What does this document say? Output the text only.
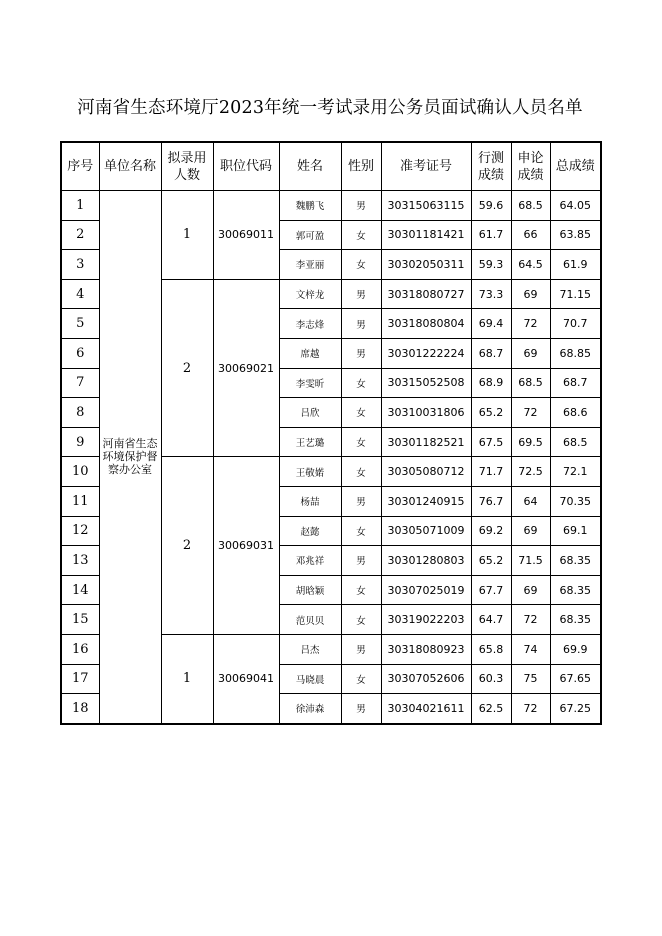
河南省生态环境厅2023年统一考试录用公务员面试确认人员名单
序号	单位名称	拟录用人数	职位代码	姓名	性别	准考证号	行测成绩	申论成绩	总成绩
1	河南省生态环境保护督察办公室	1	30069011	魏鹏飞	男	30315063115	59.6	68.5	64.05
2				郭可盈	女	30301181421	61.7	66	63.85
3				李亚丽	女	30302050311	59.3	64.5	61.9
4		2	30069021	文梓龙	男	30318080727	73.3	69	71.15
5				李志烽	男	30318080804	69.4	72	70.7
6				席越	男	30301222224	68.7	69	68.85
7				李雯昕	女	30315052508	68.9	68.5	68.7
8				吕欣	女	30310031806	65.2	72	68.6
9				王艺璐	女	30301182521	67.5	69.5	68.5
10		2	30069031	王敬婼	女	30305080712	71.7	72.5	72.1
11				杨喆	男	30301240915	76.7	64	70.35
12				赵懿	女	30305071009	69.2	69	69.1
13				邓兆祥	男	30301280803	65.2	71.5	68.35
14				胡晗颖	女	30307025019	67.7	69	68.35
15				范贝贝	女	30319022203	64.7	72	68.35
16		1	30069041	吕杰	男	30318080923	65.8	74	69.9
17				马晓晨	女	30307052606	60.3	75	67.65
18				徐沛森	男	30304021611	62.5	72	67.25
